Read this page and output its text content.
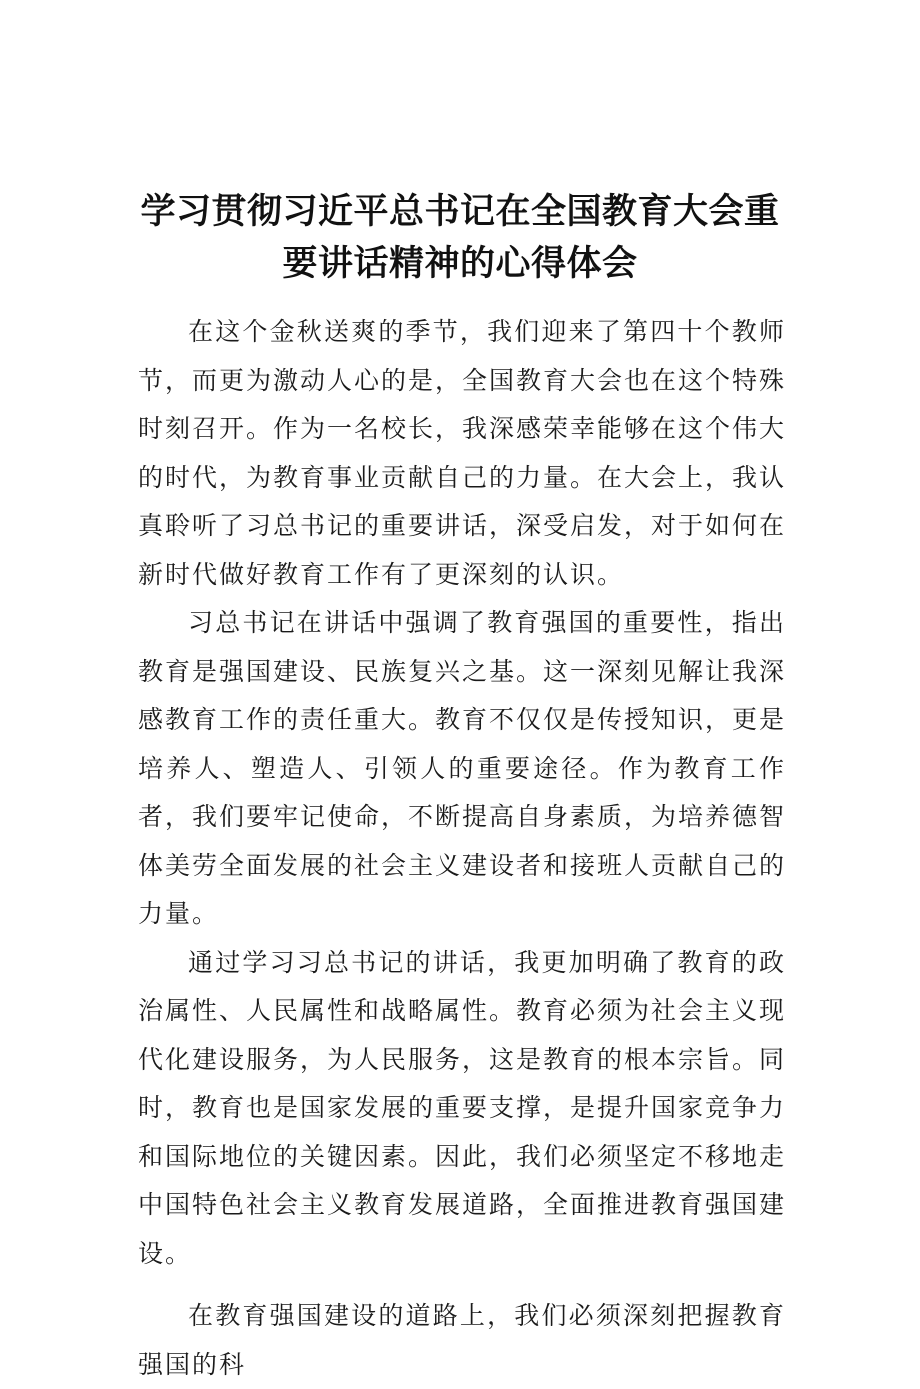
学习贯彻习近平总书记在全国教育大会重
要讲话精神的心得体会

在这个金秋送爽的季节，我们迎来了第四十个教师节，而更为激动人心的是，全国教育大会也在这个特殊时刻召开。作为一名校长，我深感荣幸能够在这个伟大的时代，为教育事业贡献自己的力量。在大会上，我认真聆听了习总书记的重要讲话，深受启发，对于如何在新时代做好教育工作有了更深刻的认识。

习总书记在讲话中强调了教育强国的重要性，指出教育是强国建设、民族复兴之基。这一深刻见解让我深感教育工作的责任重大。教育不仅仅是传授知识，更是培养人、塑造人、引领人的重要途径。作为教育工作者，我们要牢记使命，不断提高自身素质，为培养德智体美劳全面发展的社会主义建设者和接班人贡献自己的力量。

通过学习习总书记的讲话，我更加明确了教育的政治属性、人民属性和战略属性。教育必须为社会主义现代化建设服务，为人民服务，这是教育的根本宗旨。同时，教育也是国家发展的重要支撑，是提升国家竞争力和国际地位的关键因素。因此，我们必须坚定不移地走中国特色社会主义教育发展道路，全面推进教育强国建设。

在教育强国建设的道路上，我们必须深刻把握教育强国的科
